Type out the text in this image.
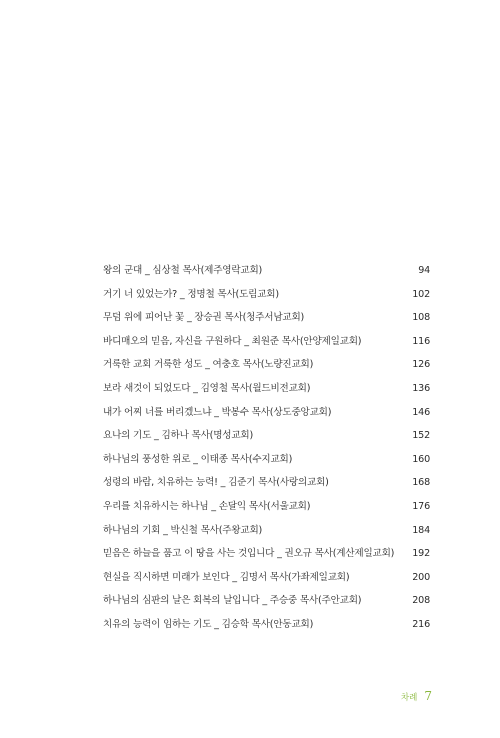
왕의 군대 _ 심상철 목사(제주영락교회)	94
거기 너 있었는가? _ 정명철 목사(도림교회)	102
무덤 위에 피어난 꽃 _ 장승권 목사(청주서남교회)	108
바디매오의 믿음, 자신을 구원하다 _ 최원준 목사(안양제일교회)	116
거룩한 교회 거룩한 성도 _ 여충호 목사(노량진교회)	126
보라 새것이 되었도다 _ 김영철 목사(월드비전교회)	136
내가 어찌 너를 버리겠느냐 _ 박봉수 목사(상도중앙교회)	146
요나의 기도 _ 김하나 목사(명성교회)	152
하나님의 풍성한 위로 _ 이태종 목사(수지교회)	160
성령의 바람, 치유하는 능력! _ 김준기 목사(사랑의교회)	168
우리를 치유하시는 하나님 _ 손달익 목사(서울교회)	176
하나님의 기회 _ 박신철 목사(주왕교회)	184
믿음은 하늘을 품고 이 땅을 사는 것입니다 _ 권오규 목사(계산제일교회)	192
현실을 직시하면 미래가 보인다 _ 김명서 목사(가좌제일교회)	200
하나님의 심판의 날은 회복의 날입니다 _ 주승중 목사(주안교회)	208
치유의 능력이 임하는 기도 _ 김승학 목사(안동교회)	216
차례 7
